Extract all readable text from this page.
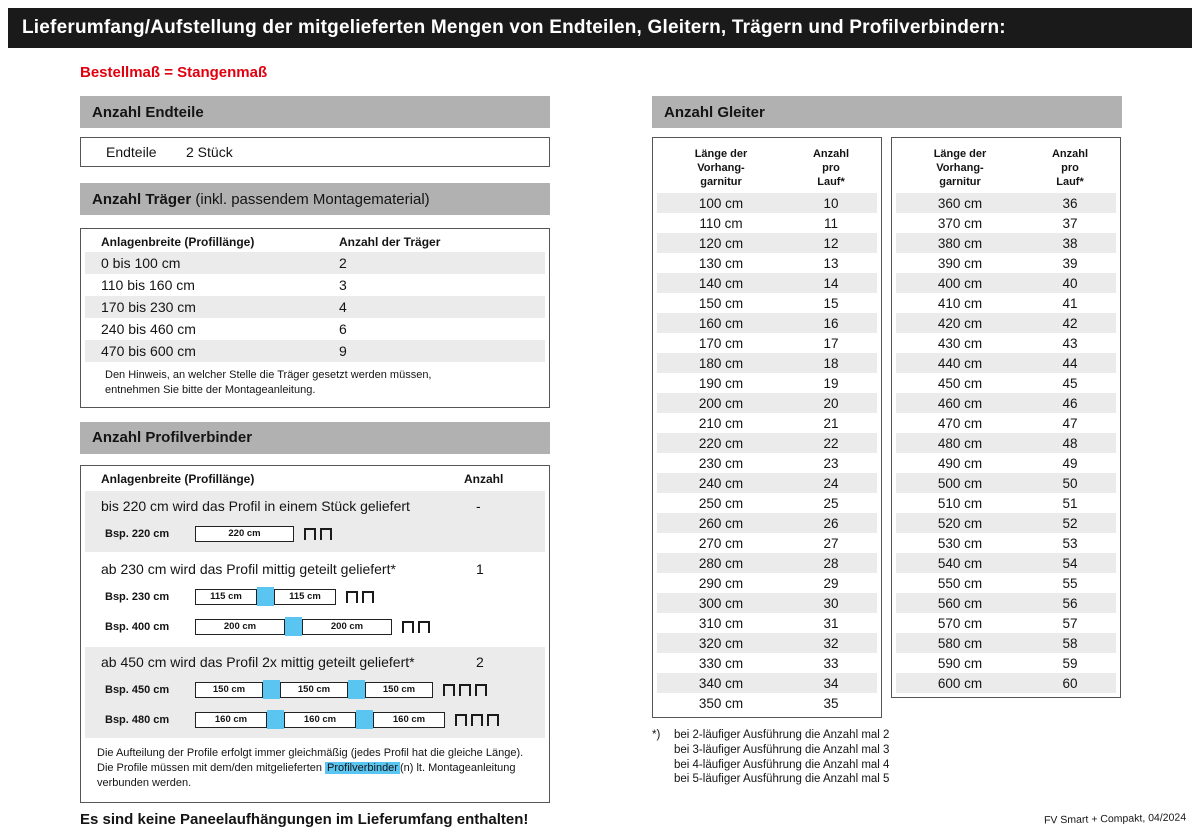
Lieferumfang/Aufstellung der mitgelieferten Mengen von Endteilen, Gleitern, Trägern und Profilverbindern:
Bestellmaß = Stangenmaß
Anzahl Endteile
Endteile	2 Stück
Anzahl Träger (inkl. passendem Montagematerial)
Anlagenbreite (Profillänge)	Anzahl der Träger
0 bis 100 cm	2
110 bis 160 cm	3
170 bis 230 cm	4
240 bis 460 cm	6
470 bis 600 cm	9
Den Hinweis, an welcher Stelle die Träger gesetzt werden müssen, entnehmen Sie bitte der Montageanleitung.
Anzahl Profilverbinder
Anlagenbreite (Profillänge)	Anzahl
bis 220 cm wird das Profil in einem Stück geliefert	-
Bsp. 220 cm	220 cm
ab 230 cm wird das Profil mittig geteilt geliefert*	1
Bsp. 230 cm	115 cm	115 cm
Bsp. 400 cm	200 cm	200 cm
ab 450 cm wird das Profil 2x mittig geteilt geliefert*	2
Bsp. 450 cm	150 cm	150 cm	150 cm
Bsp. 480 cm	160 cm	160 cm	160 cm
Die Aufteilung der Profile erfolgt immer gleichmäßig (jedes Profil hat die gleiche Länge). Die Profile müssen mit dem/den mitgelieferten Profilverbinder (n) lt. Montageanleitung verbunden werden.
Es sind keine Paneelaufhängungen im Lieferumfang enthalten!
Anzahl Gleiter
Länge der
Vorhang-
garnitur
Anzahl
pro
Lauf*
100 cm	10
110 cm	11
120 cm	12
130 cm	13
140 cm	14
150 cm	15
160 cm	16
170 cm	17
180 cm	18
190 cm	19
200 cm	20
210 cm	21
220 cm	22
230 cm	23
240 cm	24
250 cm	25
260 cm	26
270 cm	27
280 cm	28
290 cm	29
300 cm	30
310 cm	31
320 cm	32
330 cm	33
340 cm	34
350 cm	35
Länge der
Vorhang-
garnitur
Anzahl
pro
Lauf*
360 cm	36
370 cm	37
380 cm	38
390 cm	39
400 cm	40
410 cm	41
420 cm	42
430 cm	43
440 cm	44
450 cm	45
460 cm	46
470 cm	47
480 cm	48
490 cm	49
500 cm	50
510 cm	51
520 cm	52
530 cm	53
540 cm	54
550 cm	55
560 cm	56
570 cm	57
580 cm	58
590 cm	59
600 cm	60
*)	bei 2-läufiger Ausführung die Anzahl mal 2
bei 3-läufiger Ausführung die Anzahl mal 3
bei 4-läufiger Ausführung die Anzahl mal 4
bei 5-läufiger Ausführung die Anzahl mal 5
FV Smart + Compakt, 04/2024
